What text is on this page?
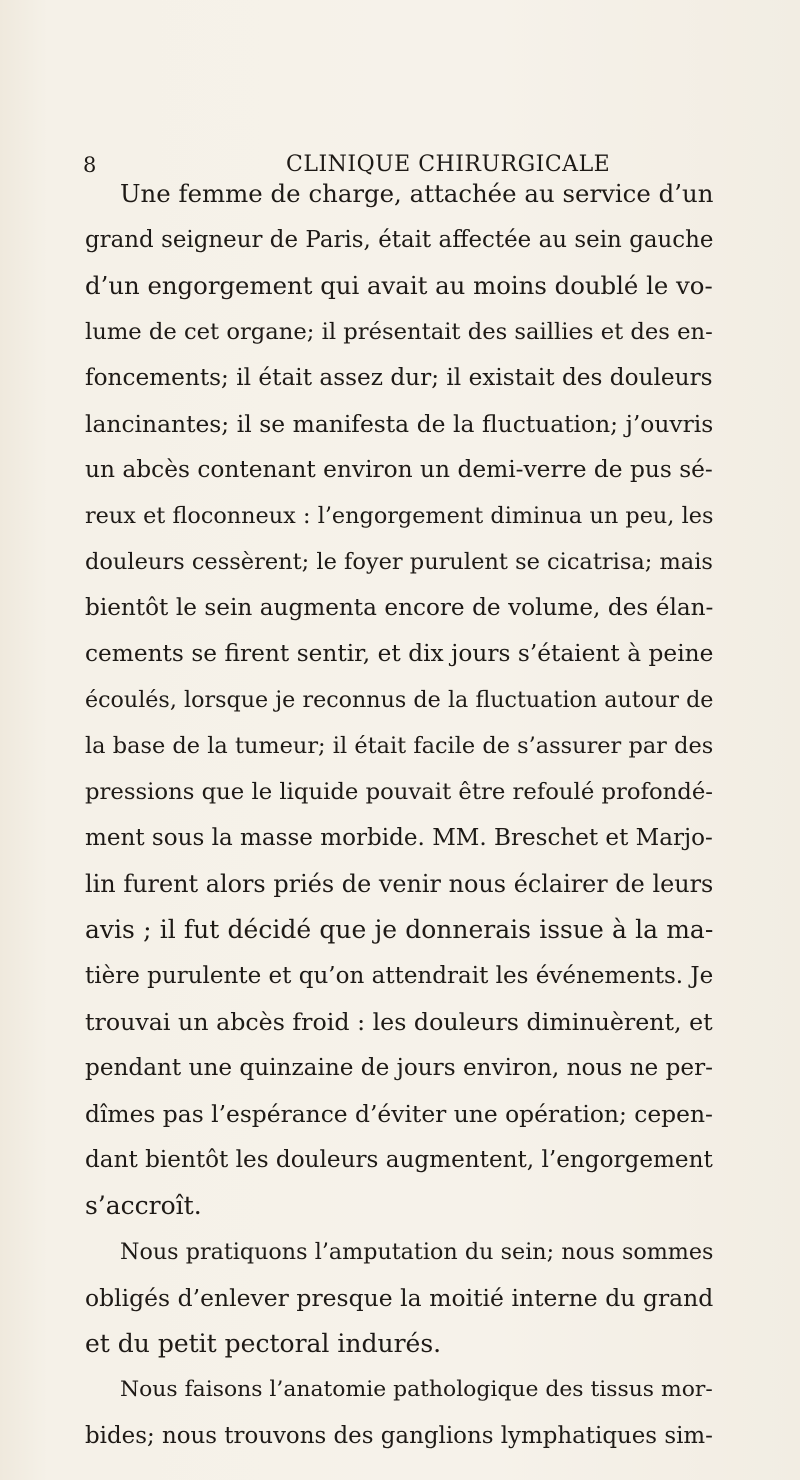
8	CLINIQUE CHIRURGICALE
Une femme de charge, attachée au service d’un
grand seigneur de Paris, était affectée au sein gauche
d’un engorgement qui avait au moins doublé le vo-
lume de cet organe; il présentait des saillies et des en-
foncements; il était assez dur; il existait des douleurs
lancinantes; il se manifesta de la fluctuation; j’ouvris
un abcès contenant environ un demi-verre de pus sé-
reux et floconneux : l’engorgement diminua un peu, les
douleurs cessèrent; le foyer purulent se cicatrisa; mais
bientôt le sein augmenta encore de volume, des élan-
cements se firent sentir, et dix jours s’étaient à peine
écoulés, lorsque je reconnus de la fluctuation autour de
la base de la tumeur; il était facile de s’assurer par des
pressions que le liquide pouvait être refoulé profondé-
ment sous la masse morbide. MM. Breschet et Marjo-
lin furent alors priés de venir nous éclairer de leurs
avis ; il fut décidé que je donnerais issue à la ma-
tière purulente et qu’on attendrait les événements. Je
trouvai un abcès froid : les douleurs diminuèrent, et
pendant une quinzaine de jours environ, nous ne per-
dîmes pas l’espérance d’éviter une opération; cepen-
dant bientôt les douleurs augmentent, l’engorgement
s’accroît.
Nous pratiquons l’amputation du sein; nous sommes
obligés d’enlever presque la moitié interne du grand
et du petit pectoral indurés.
Nous faisons l’anatomie pathologique des tissus mor-
bides; nous trouvons des ganglions lymphatiques sim-
